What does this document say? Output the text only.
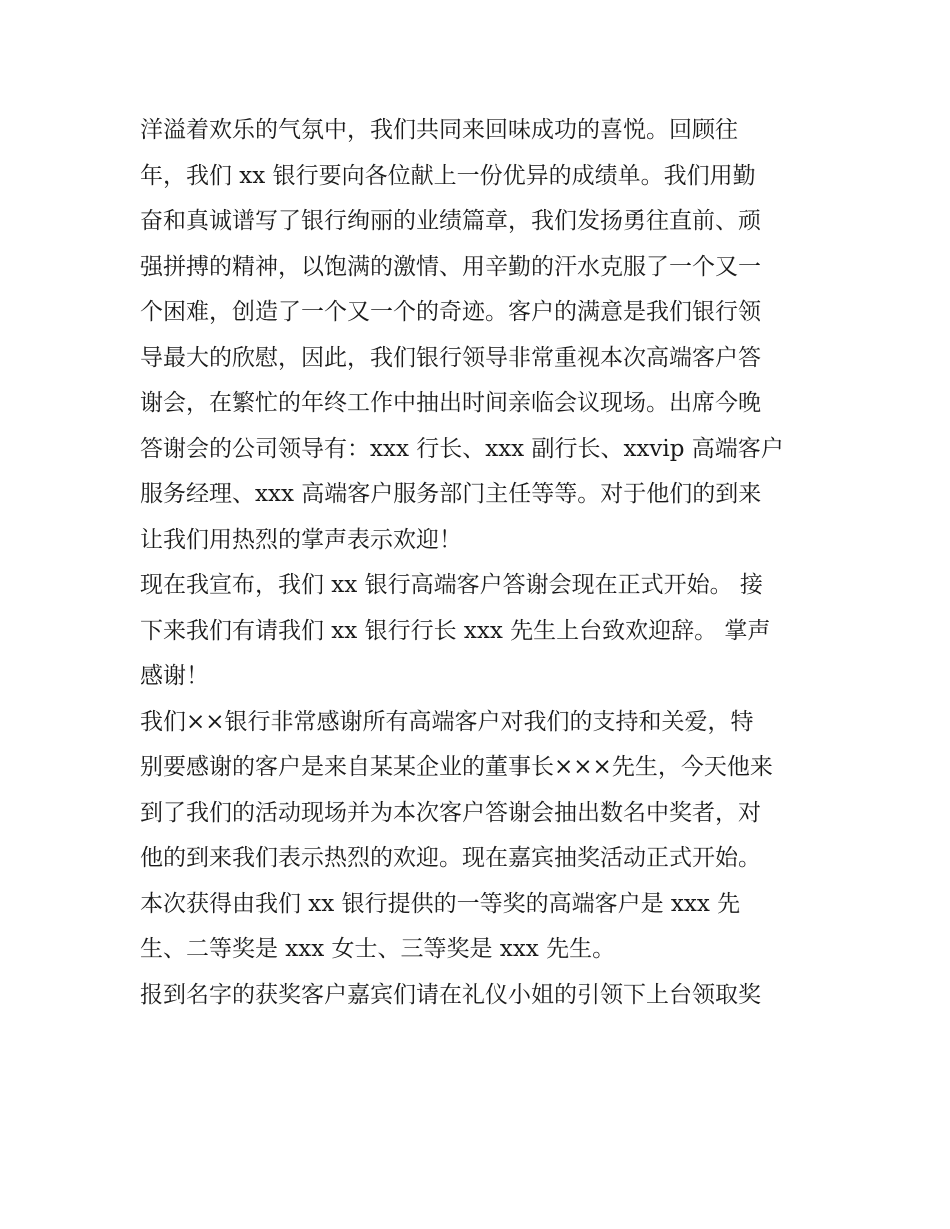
洋溢着欢乐的气氛中，我们共同来回味成功的喜悦。回顾往
年，我们 xx 银行要向各位献上一份优异的成绩单。我们用勤
奋和真诚谱写了银行绚丽的业绩篇章，我们发扬勇往直前、顽
强拼搏的精神，以饱满的激情、用辛勤的汗水克服了一个又一
个困难，创造了一个又一个的奇迹。客户的满意是我们银行领
导最大的欣慰，因此，我们银行领导非常重视本次高端客户答
谢会，在繁忙的年终工作中抽出时间亲临会议现场。出席今晚
答谢会的公司领导有：xxx 行长、xxx 副行长、xxvip 高端客户
服务经理、xxx 高端客户服务部门主任等等。对于他们的到来
让我们用热烈的掌声表示欢迎！
现在我宣布，我们 xx 银行高端客户答谢会现在正式开始。 接
下来我们有请我们 xx 银行行长 xxx 先生上台致欢迎辞。 掌声
感谢！
我们××银行非常感谢所有高端客户对我们的支持和关爱，特
别要感谢的客户是来自某某企业的董事长×××先生，今天他来
到了我们的活动现场并为本次客户答谢会抽出数名中奖者，对
他的到来我们表示热烈的欢迎。现在嘉宾抽奖活动正式开始。
本次获得由我们 xx 银行提供的一等奖的高端客户是 xxx 先
生、二等奖是 xxx 女士、三等奖是 xxx 先生。
报到名字的获奖客户嘉宾们请在礼仪小姐的引领下上台领取奖
